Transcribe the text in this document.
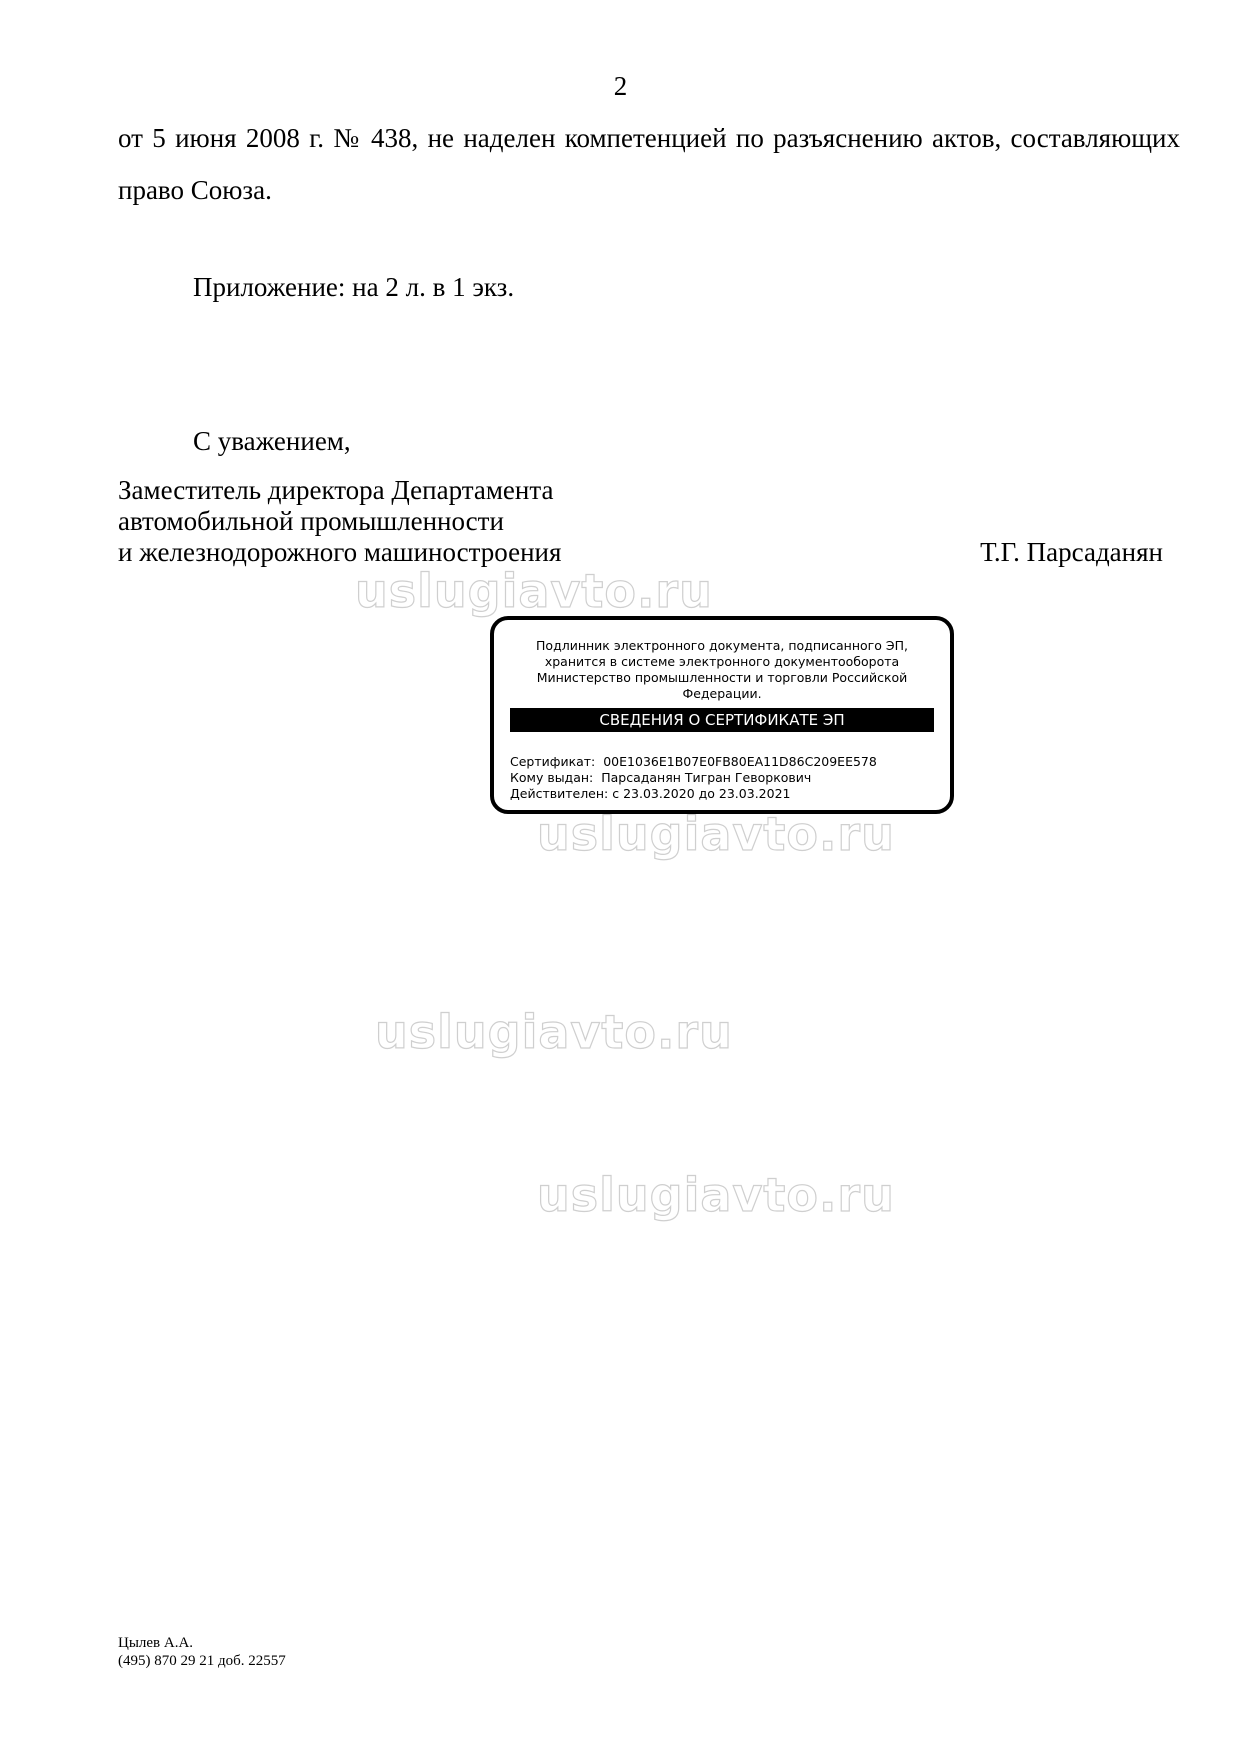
2

от 5 июня 2008 г. № 438, не наделен компетенцией по разъяснению актов, составляющих право Союза.

Приложение: на 2 л. в 1 экз.
С уважением,
Заместитель директора Департамента
автомобильной промышленности
и железнодорожного машиностроения	Т.Г. Парсаданян
uslugiavto.ru
uslugiavto.ru
uslugiavto.ru
uslugiavto.ru
Подлинник электронного документа, подписанного ЭП,
хранится в системе электронного документооборота
Министерство промышленности и торговли Российской
Федерации.
СВЕДЕНИЯ О СЕРТИФИКАТЕ ЭП
Сертификат: 00E1036E1B07E0FB80EA11D86C209EE578
Кому выдан: Парсаданян Тигран Геворкович
Действителен: с 23.03.2020 до 23.03.2021
Цылев А.А.
(495) 870 29 21 доб. 22557
